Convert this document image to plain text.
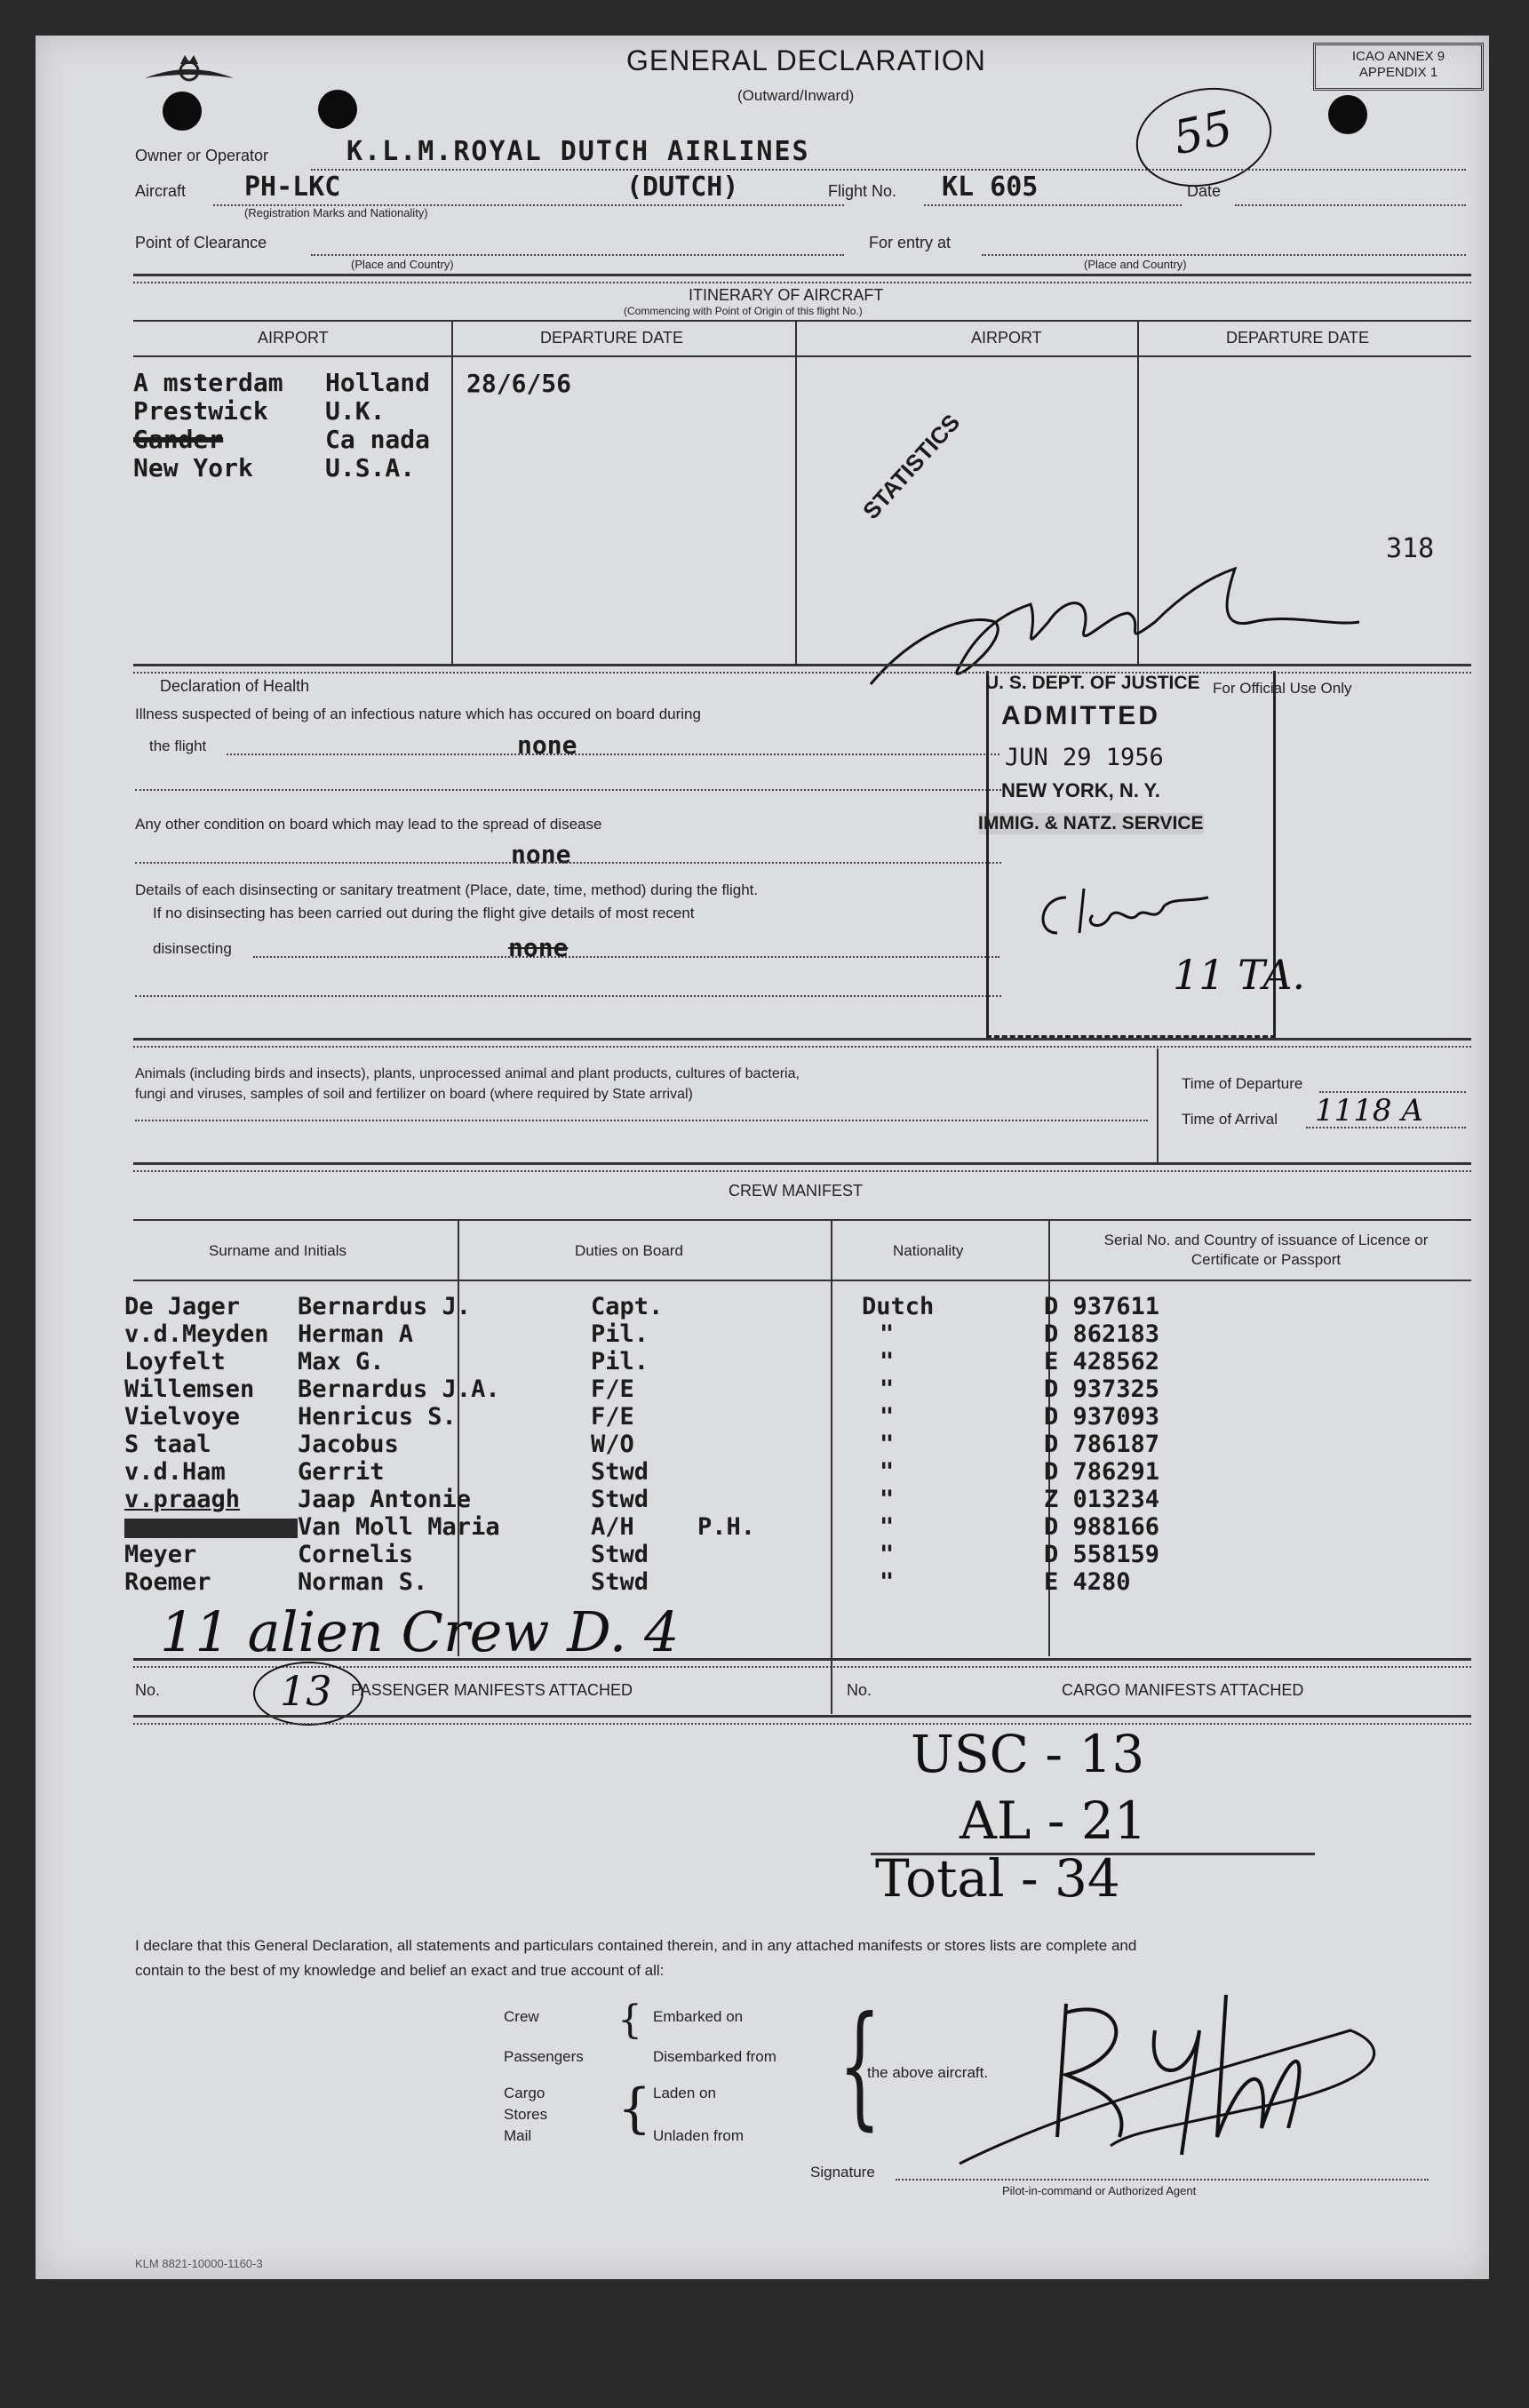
GENERAL DECLARATION
(Outward/Inward)
ICAO ANNEX 9
APPENDIX 1
55
Owner or Operator	K.L.M.ROYAL DUTCH AIRLINES
Aircraft PH-LKC	(DUTCH)
(Registration Marks and Nationality)
Flight No. KL 605	Date
Point of Clearance
(Place and Country)
For entry at
(Place and Country)
ITINERARY OF AIRCRAFT
(Commencing with Point of Origin of this flight No.)
AIRPORT	DEPARTURE DATE	AIRPORT	DEPARTURE DATE
A msterdam Holland
Prestwick U.K.
Gander	Ca nada
New York	U.S.A.
28/6/56
STATISTICS
318
Declaration of Health
Illness suspected of being of an infectious nature which has occured on board during
the flight	none
Any other condition on board which may lead to the spread of disease
none
Details of each disinsecting or sanitary treatment (Place, date, time, method) during the flight.
If no disinsecting has been carried out during the flight give details of most recent
disinsecting	none
For Official Use Only
U. S. DEPT. OF JUSTICE
ADMITTED
JUN 29 1956
NEW YORK, N. Y.
IMMIG. & NATZ. SERVICE
11 TA.
Animals (including birds and insects), plants, unprocessed animal and plant products, cultures of bacteria,
fungi and viruses, samples of soil and fertilizer on board (where required by State arrival)
Time of Departure
Time of Arrival 1118 A
CREW MANIFEST
Surname and Initials	Duties on Board	Nationality
Serial No. and Country of issuance of Licence or Certificate or Passport
De Jager Bernardus J.	Capt.	Dutch	D 937611
v.d.Meyden Herman A	Pil.	"	D 862183
Loyfelt	Max G.	Pil.	"	E 428562
Willemsen Bernardus J.A.	F/E	"	D 937325
Vielvoye Henricus S.	F/E	"	D 937093
S taal	Jacobus	W/O	"	D 786187
v.d.Ham	Gerrit	Stwd	"	D 786291
v.praagh Jaap Antonie	Stwd	"	Z 013234
Van Moll Maria	A/H	P.H.	"	D 988166
Meyer	Cornelis	Stwd	"	D 558159
Roemer	Norman S.	Stwd	"	E 4280
11 alien Crew D. 4
No.	13 PASSENGER MANIFESTS ATTACHED	No.	CARGO MANIFESTS ATTACHED
USC - 13
AL - 21
Total - 34
I declare that this General Declaration, all statements and particulars contained therein, and in any attached manifests or stores lists are complete and
contain to the best of my knowledge and belief an exact and true account of all:
Crew
Passengers
Cargo
Stores
Mail
{
{
Embarked on
Disembarked from
Laden on
Unladen from {
the above aircraft.
Signature
Pilot-in-command or Authorized Agent
KLM 8821-10000-1160-3
